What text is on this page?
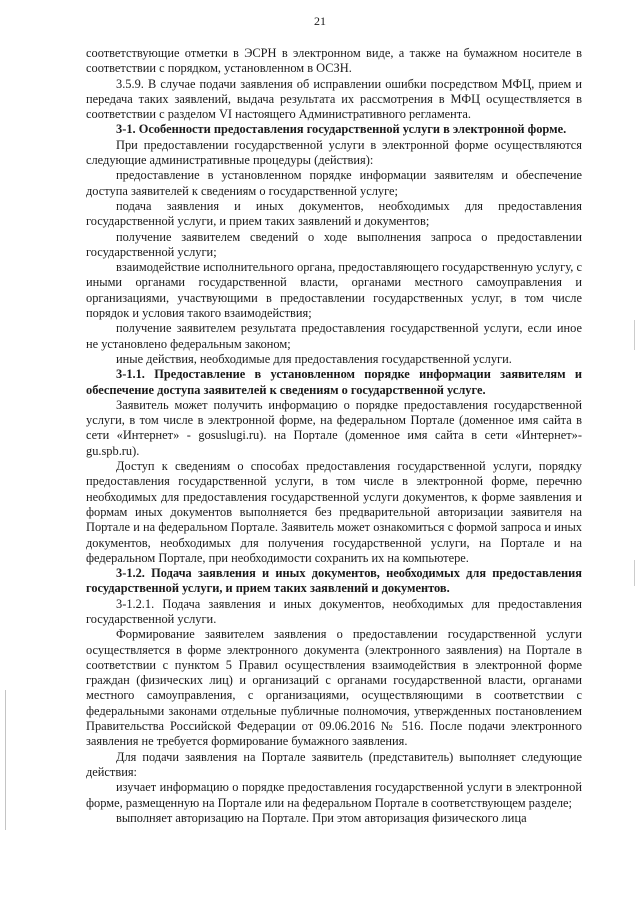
21

соответствующие отметки в ЭСРН в электронном виде, а также на бумажном носителе в соответствии с порядком, установленном в ОСЗН.

3.5.9. В случае подачи заявления об исправлении ошибки посредством МФЦ, прием и передача таких заявлений, выдача результата их рассмотрения в МФЦ осуществляется в соответствии с разделом VI настоящего Административного регламента.

3-1. Особенности предоставления государственной услуги в электронной форме.

При предоставлении государственной услуги в электронной форме осуществляются следующие административные процедуры (действия):

предоставление в установленном порядке информации заявителям и обеспечение доступа заявителей к сведениям о государственной услуге;

подача заявления и иных документов, необходимых для предоставления государственной услуги, и прием таких заявлений и документов;

получение заявителем сведений о ходе выполнения запроса о предоставлении государственной услуги;

взаимодействие исполнительного органа, предоставляющего государственную услугу, с иными органами государственной власти, органами местного самоуправления и организациями, участвующими в предоставлении государственных услуг, в том числе порядок и условия такого взаимодействия;

получение заявителем результата предоставления государственной услуги, если иное не установлено федеральным законом;

иные действия, необходимые для предоставления государственной услуги.

3-1.1. Предоставление в установленном порядке информации заявителям и обеспечение доступа заявителей к сведениям о государственной услуге.

Заявитель может получить информацию о порядке предоставления государственной услуги, в том числе в электронной форме, на федеральном Портале (доменное имя сайта в сети «Интернет» - gosuslugi.ru). на Портале (доменное имя сайта в сети «Интернет»-gu.spb.ru).

Доступ к сведениям о способах предоставления государственной услуги, порядку предоставления государственной услуги, в том числе в электронной форме, перечню необходимых для предоставления государственной услуги документов, к форме заявления и формам иных документов выполняется без предварительной авторизации заявителя на Портале и на федеральном Портале. Заявитель может ознакомиться с формой запроса и иных документов, необходимых для получения государственной услуги, на Портале и на федеральном Портале, при необходимости сохранить их на компьютере.

3-1.2. Подача заявления и иных документов, необходимых для предоставления государственной услуги, и прием таких заявлений и документов.

3-1.2.1. Подача заявления и иных документов, необходимых для предоставления государственной услуги.

Формирование заявителем заявления о предоставлении государственной услуги осуществляется в форме электронного документа (электронного заявления) на Портале в соответствии с пунктом 5 Правил осуществления взаимодействия в электронной форме граждан (физических лиц) и организаций с органами государственной власти, органами местного самоуправления, с организациями, осуществляющими в соответствии с федеральными законами отдельные публичные полномочия, утвержденных постановлением Правительства Российской Федерации от 09.06.2016 № 516. После подачи электронного заявления не требуется формирование бумажного заявления.

Для подачи заявления на Портале заявитель (представитель) выполняет следующие действия:

изучает информацию о порядке предоставления государственной услуги в электронной форме, размещенную на Портале или на федеральном Портале в соответствующем разделе;

выполняет авторизацию на Портале. При этом авторизация физического лица
